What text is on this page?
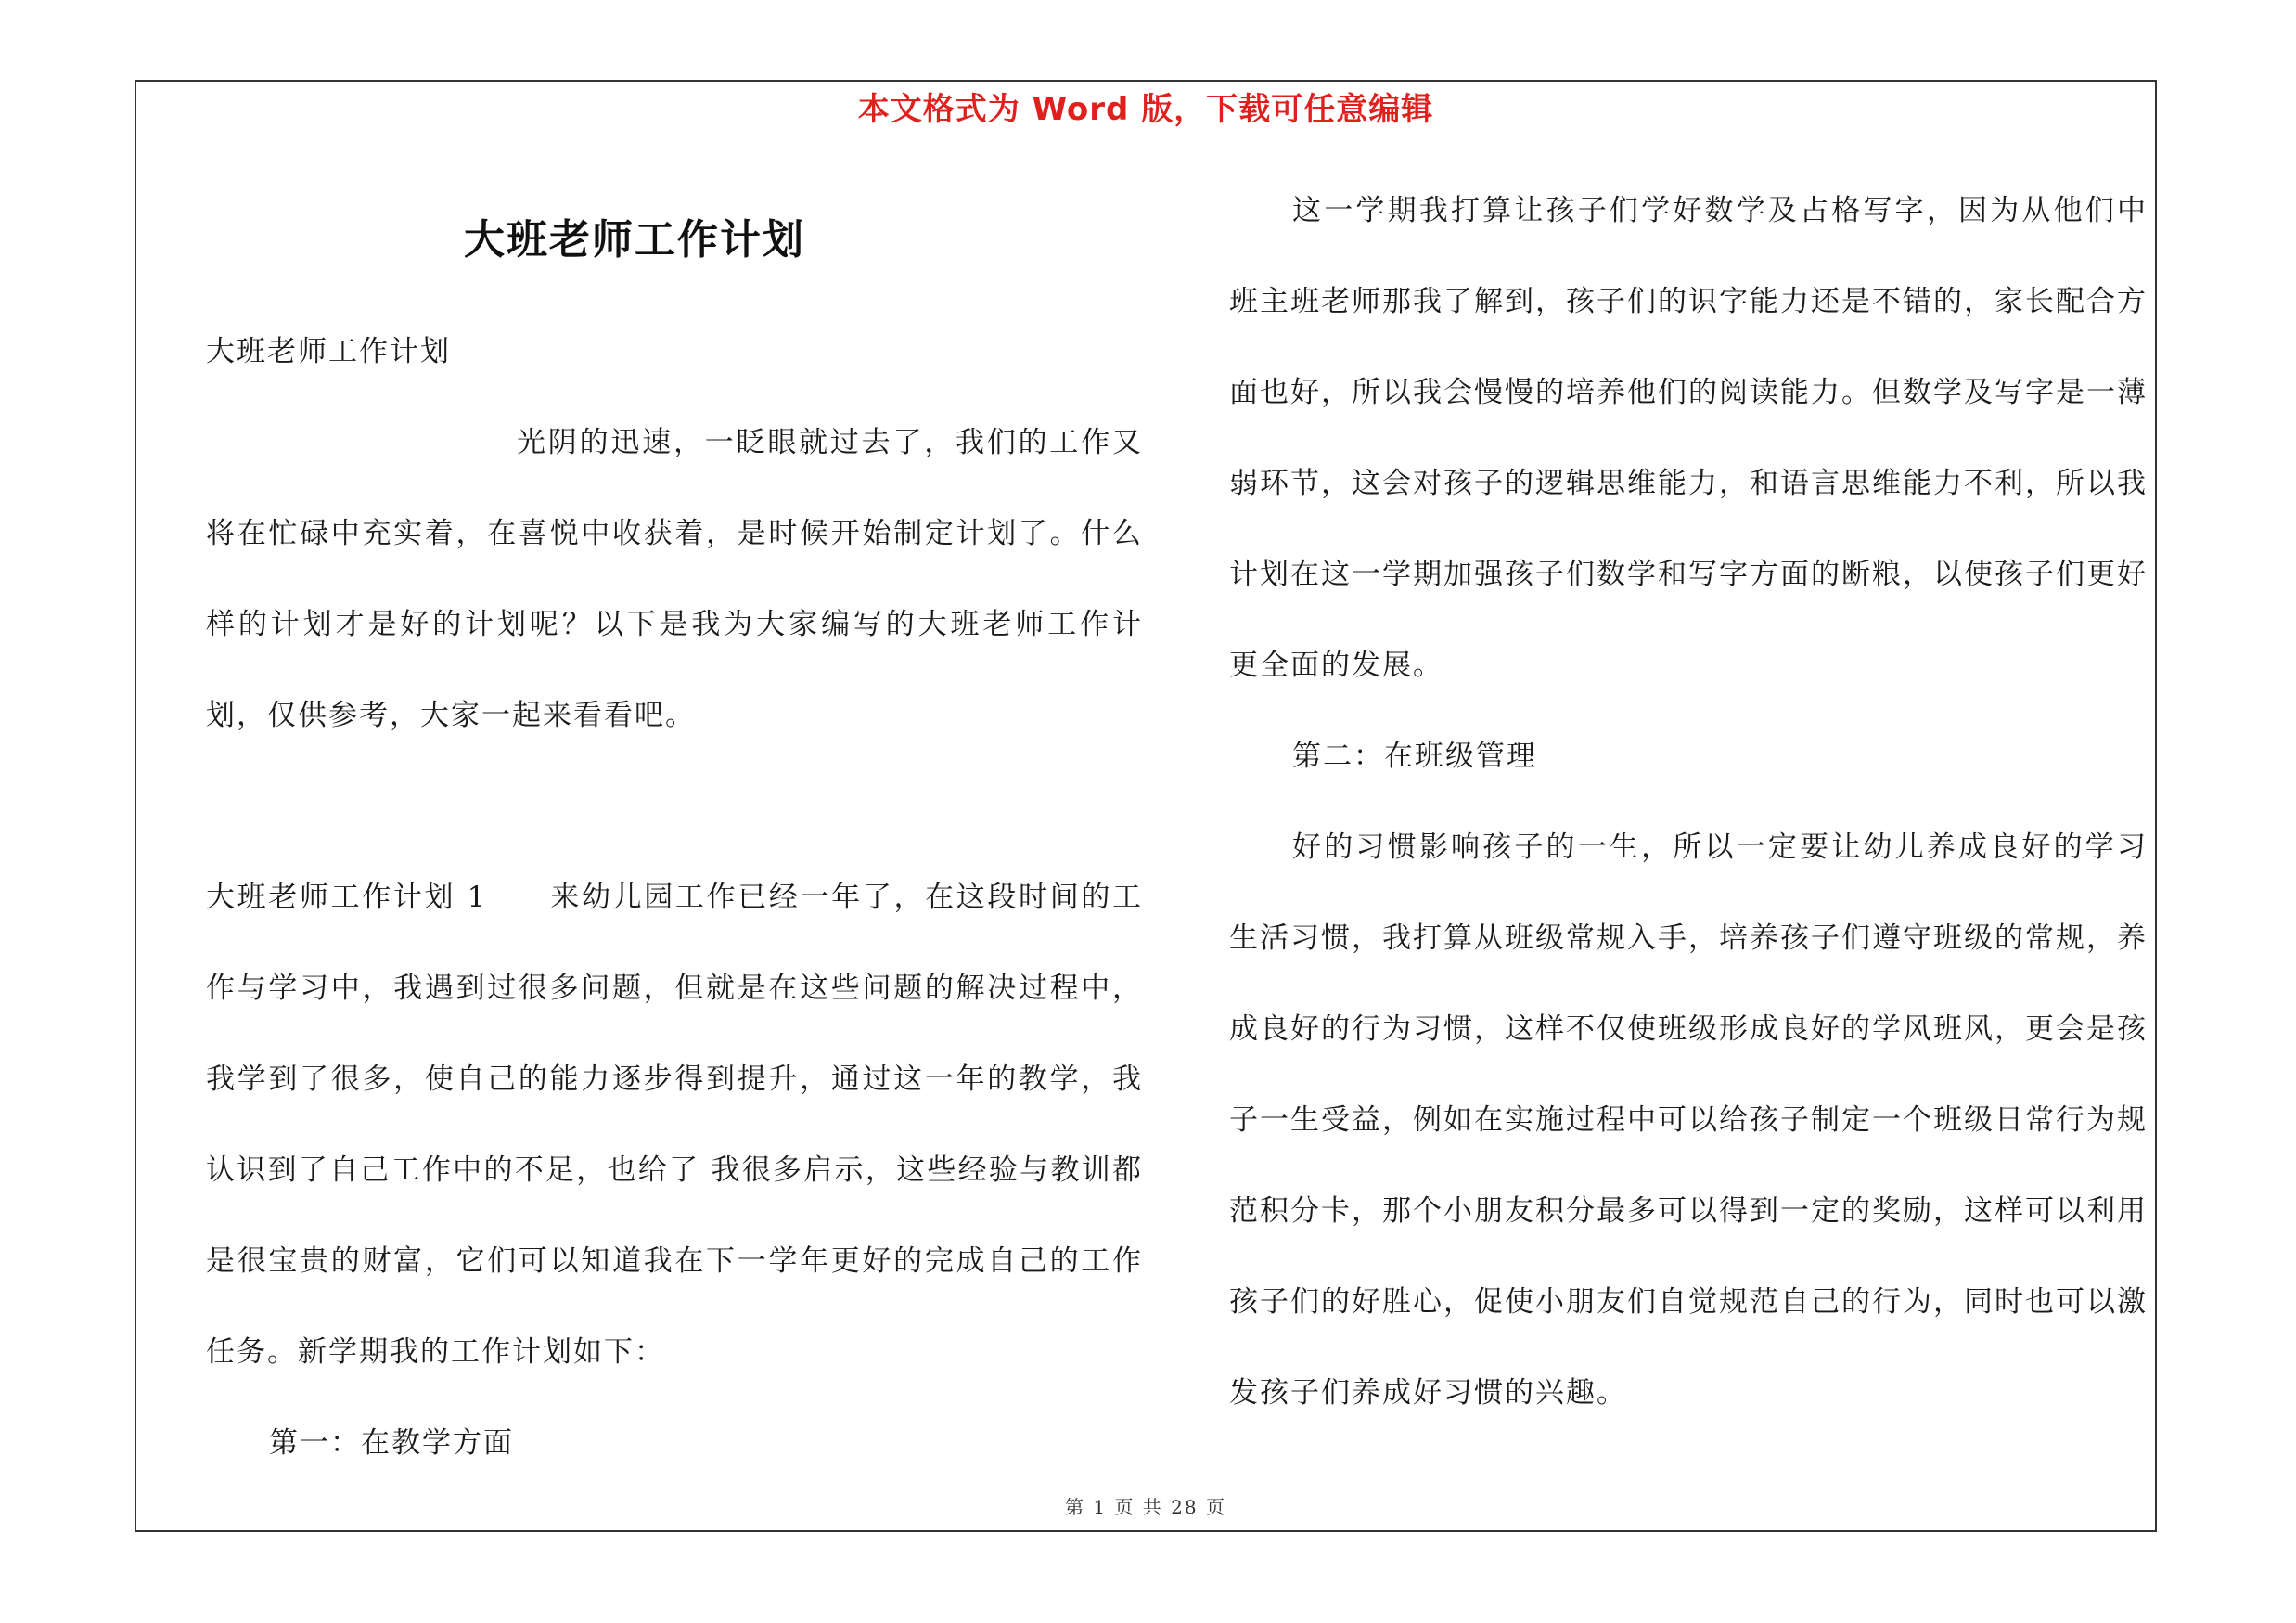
本文格式为 Word 版，下载可任意编辑
大班老师工作计划

大班老师工作计划

光阴的迅速，一眨眼就过去了，我们的工作又将在忙碌中充实着，在喜悦中收获着，是时候开始制定计划了。什么样的计划才是好的计划呢？以下是我为大家编写的大班老师工作计划，仅供参考，大家一起来看看吧。

大班老师工作计划 1　　来幼儿园工作已经一年了，在这段时间的工作与学习中，我遇到过很多问题，但就是在这些问题的解决过程中，我学到了很多，使自己的能力逐步得到提升，通过这一年的教学，我认识到了自己工作中的不足，也给了 我很多启示，这些经验与教训都是很宝贵的财富，它们可以知道我在下一学年更好的完成自己的工作任务。新学期我的工作计划如下：

第一：在教学方面

这一学期我打算让孩子们学好数学及占格写字，因为从他们中班主班老师那我了解到，孩子们的识字能力还是不错的，家长配合方面也好，所以我会慢慢的培养他们的阅读能力。但数学及写字是一薄弱环节，这会对孩子的逻辑思维能力，和语言思维能力不利，所以我计划在这一学期加强孩子们数学和写字方面的断粮，以使孩子们更好更全面的发展。

第二：在班级管理

好的习惯影响孩子的一生，所以一定要让幼儿养成良好的学习生活习惯，我打算从班级常规入手，培养孩子们遵守班级的常规，养成良好的行为习惯，这样不仅使班级形成良好的学风班风，更会是孩子一生受益，例如在实施过程中可以给孩子制定一个班级日常行为规范积分卡，那个小朋友积分最多可以得到一定的奖励，这样可以利用孩子们的好胜心，促使小朋友们自觉规范自己的行为，同时也可以激发孩子们养成好习惯的兴趣。

第 1 页 共 28 页
